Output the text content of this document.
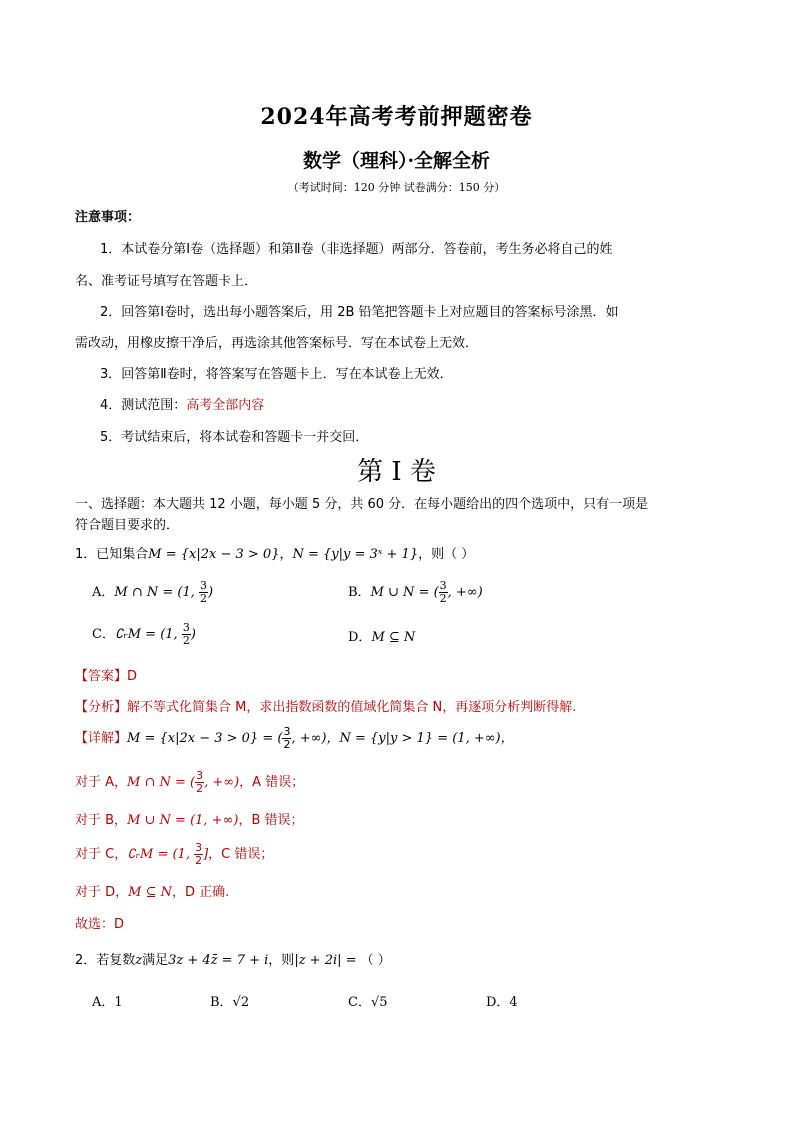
2024年高考考前押题密卷
数学（理科）·全解全析
（考试时间：120 分钟 试卷满分：150 分）
注意事项：
1．本试卷分第Ⅰ卷（选择题）和第Ⅱ卷（非选择题）两部分．答卷前，考生务必将自己的姓
名、准考证号填写在答题卡上．
2．回答第Ⅰ卷时，选出每小题答案后，用 2B 铅笔把答题卡上对应题目的答案标号涂黑．如
需改动，用橡皮擦干净后，再选涂其他答案标号．写在本试卷上无效．
3．回答第Ⅱ卷时，将答案写在答题卡上．写在本试卷上无效．
4．测试范围：高考全部内容
5．考试结束后，将本试卷和答题卡一并交回．
第 I 卷
一、选择题：本大题共 12 小题，每小题 5 分，共 60 分．在每小题给出的四个选项中，只有一项是
符合题目要求的．
1．已知集合M = {x|2x − 3 > 0}，N = {y|y = 3ˣ + 1}，则（ ）
A．M ∩ N = (1, $\frac{3}{2}$ )	B．M ∪ N = ( $\frac{3}{2}$ , +∞)
C．∁ᵣM = (1, $\frac{3}{2}$ )	D．M ⊆ N
【答案】D
【分析】解不等式化简集合 M，求出指数函数的值域化简集合 N，再逐项分析判断得解.
【详解】M = {x|2x − 3 > 0} = ( $\frac{3}{2}$ , +∞)，N = {y|y > 1} = (1, +∞)，
对于 A，M ∩ N = ( $\frac{3}{2}$ , +∞)，A 错误；
对于 B，M ∪ N = (1, +∞)，B 错误；
对于 C，∁ᵣM = (1, $\frac{3}{2}$ ]，C 错误；
对于 D，M ⊆ N，D 正确.
故选：D
2．若复数z满足3z + 4z̄ = 7 + i，则|z + 2i| = （ ）
A．1	B．√2	C．√5	D．4
